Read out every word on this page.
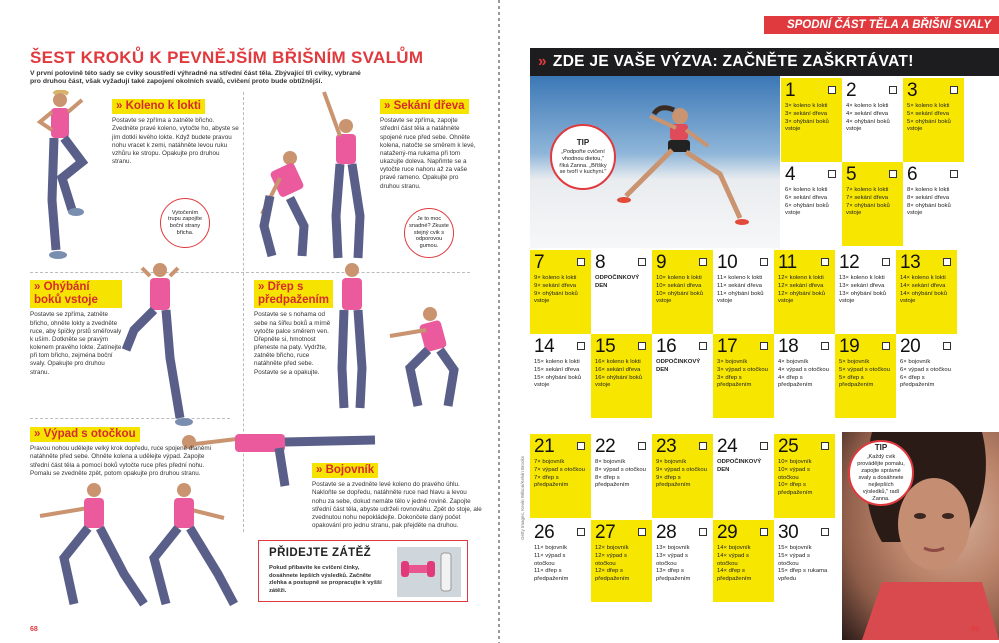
ŠEST KROKŮ K PEVNĚJŠÍM BŘIŠNÍM SVALŮM

V první polovině této sady se cviky soustředí výhradně na střední část těla. Zbývající tři cviky, vybrané pro druhou část, však vyžadují také zapojení okolních svalů, cvičení proto bude obtížnější.

» Koleno k lokti

Postavte se zpříma a zatněte břicho. Zvedněte pravé koleno, vytočte ho, abyste se jím dotkli levého lokte. Když budete pravou nohu vracet k zemi, natáhněte levou ruku vzhůru ke stropu. Opakujte pro druhou stranu.

» Sekání dřeva

Postavte se zpříma, zapojte střední část těla a natáhněte spojené ruce před sebe. Ohněte kolena, natočte se směrem k levé, natažený-ma rukama při tom ukazujte doleva. Napřimte se a vytočte ruce nahoru až za vaše pravé rameno. Opakujte pro druhou stranu.

» Ohýbání boků vstoje

Postavte se zpříma, zatněte břicho, ohněte lokty a zvedněte ruce, aby špičky prstů směřovaly k uším. Dotkněte se pravým kolenem pravého lokte. Zatínejte při tom břicho, zejména boční svaly. Opakujte pro druhou stranu.

» Dřep s předpažením

Postavte se s nohama od sebe na šířku boků a mírně vytočte palce směrem ven. Dřepněte si, hmotnost přeneste na paty. Vydržte, zatněte břicho, ruce natáhněte před sebe. Postavte se a opakujte.

» Výpad s otočkou

Pravou nohou udělejte velký krok dopředu, ruce spojené dlaněmi natáhněte před sebe. Ohněte kolena a udělejte výpad. Zapojte střední část těla a pomocí boků vytočte ruce přes přední nohu. Pomalu se zvedněte zpět, potom opakujte pro druhou stranu.	» Bojovník

Postavte se a zvedněte levé koleno do pravého úhlu. Nakloňte se dopředu, natáhněte ruce nad hlavu a levou nohu za sebe, dokud nemáte tělo v jedné rovině. Zapojte střední část těla, abyste udrželi rovnováhu. Zpět do stoje, ale zvednutou nohu nepokládejte. Dokončete daný počet opakování pro jednu stranu, pak přejděte na druhou.

Vytočením trupu zapojíte boční strany břicha.
Je to moc snadné? Zkuste stejný cvik s odporovou gumou.
PŘIDEJTE ZÁTĚŽ

Pokud přibavíte ke cvičení činky, dosáhnete lepších výsledků. Začněte zlehka a postupně se propracujte k vyšší zátěži.

68
SPODNÍ ČÁST TĚLA A BŘIŠNÍ SVALY
» ZDE JE VAŠE VÝZVA: ZAČNĚTE ZAŠKRTÁVAT!
TIP
„Podpořte cvičení vhodnou dietou," říká Zanna. „Bříšky se tvoří v kuchyni."
TIP
„Každý cvik provádějte pomalu, zapojte správné svaly a dosáhnete nejlepších výsledků," radí Zanna.
1
3× koleno k lokti
3× sekání dřeva
3× ohýbání boků vstoje
2
4× koleno k lokti
4× sekání dřeva
4× ohýbání boků vstoje
3
5× koleno k lokti
5× sekání dřeva
5× ohýbání boků vstoje
4
6× koleno k lokti
6× sekání dřeva
6× ohýbání boků vstoje
5
7× koleno k lokti
7× sekání dřeva
7× ohýbání boků vstoje
6
8× koleno k lokti
8× sekání dřeva
8× ohýbání boků vstoje
7
9× koleno k lokti
9× sekání dřeva
9× ohýbání boků vstoje
8
ODPOČINKOVÝ DEN
9
10× koleno k lokti
10× sekání dřeva
10× ohýbání boků vstoje
10
11× koleno k lokti
11× sekání dřeva
11× ohýbání boků vstoje
11
12× koleno k lokti
12× sekání dřeva
12× ohýbání boků vstoje
12
13× koleno k lokti
13× sekání dřeva
13× ohýbání boků vstoje
13
14× koleno k lokti
14× sekání dřeva
14× ohýbání boků vstoje
14
15× koleno k lokti
15× sekání dřeva
15× ohýbání boků vstoje
15
16× koleno k lokti
16× sekání dřeva
16× ohýbání boků vstoje
16
ODPOČINKOVÝ DEN
17
3× bojovník
3× výpad s otočkou
3× dřep s předpažením
18
4× bojovník
4× výpad s otočkou
4× dřep s předpažením
19
5× bojovník
5× výpad s otočkou
5× dřep s předpažením
20
6× bojovník
6× výpad s otočkou
6× dřep s předpažením
21
7× bojovník
7× výpad s otočkou
7× dřep s předpažením
22
8× bojovník
8× výpad s otočkou
8× dřep s předpažením
23
9× bojovník
9× výpad s otočkou
9× dřep s předpažením
24
ODPOČINKOVÝ DEN
25
10× bojovník
10× výpad s otočkou
10× dřep s předpažením
26
11× bojovník
11× výpad s otočkou
11× dřep s předpažením
27
12× bojovník
12× výpad s otočkou
12× dřep s předpažením
28
13× bojovník
13× výpad s otočkou
13× dřep s předpažením
29
14× bojovník
14× výpad s otočkou
14× dřep s předpažením
30
15× bojovník
15× výpad s otočkou
15× dřep s rukama vpředu
69
Getty Images, Kevin Wilson/Kelvin Brooks
